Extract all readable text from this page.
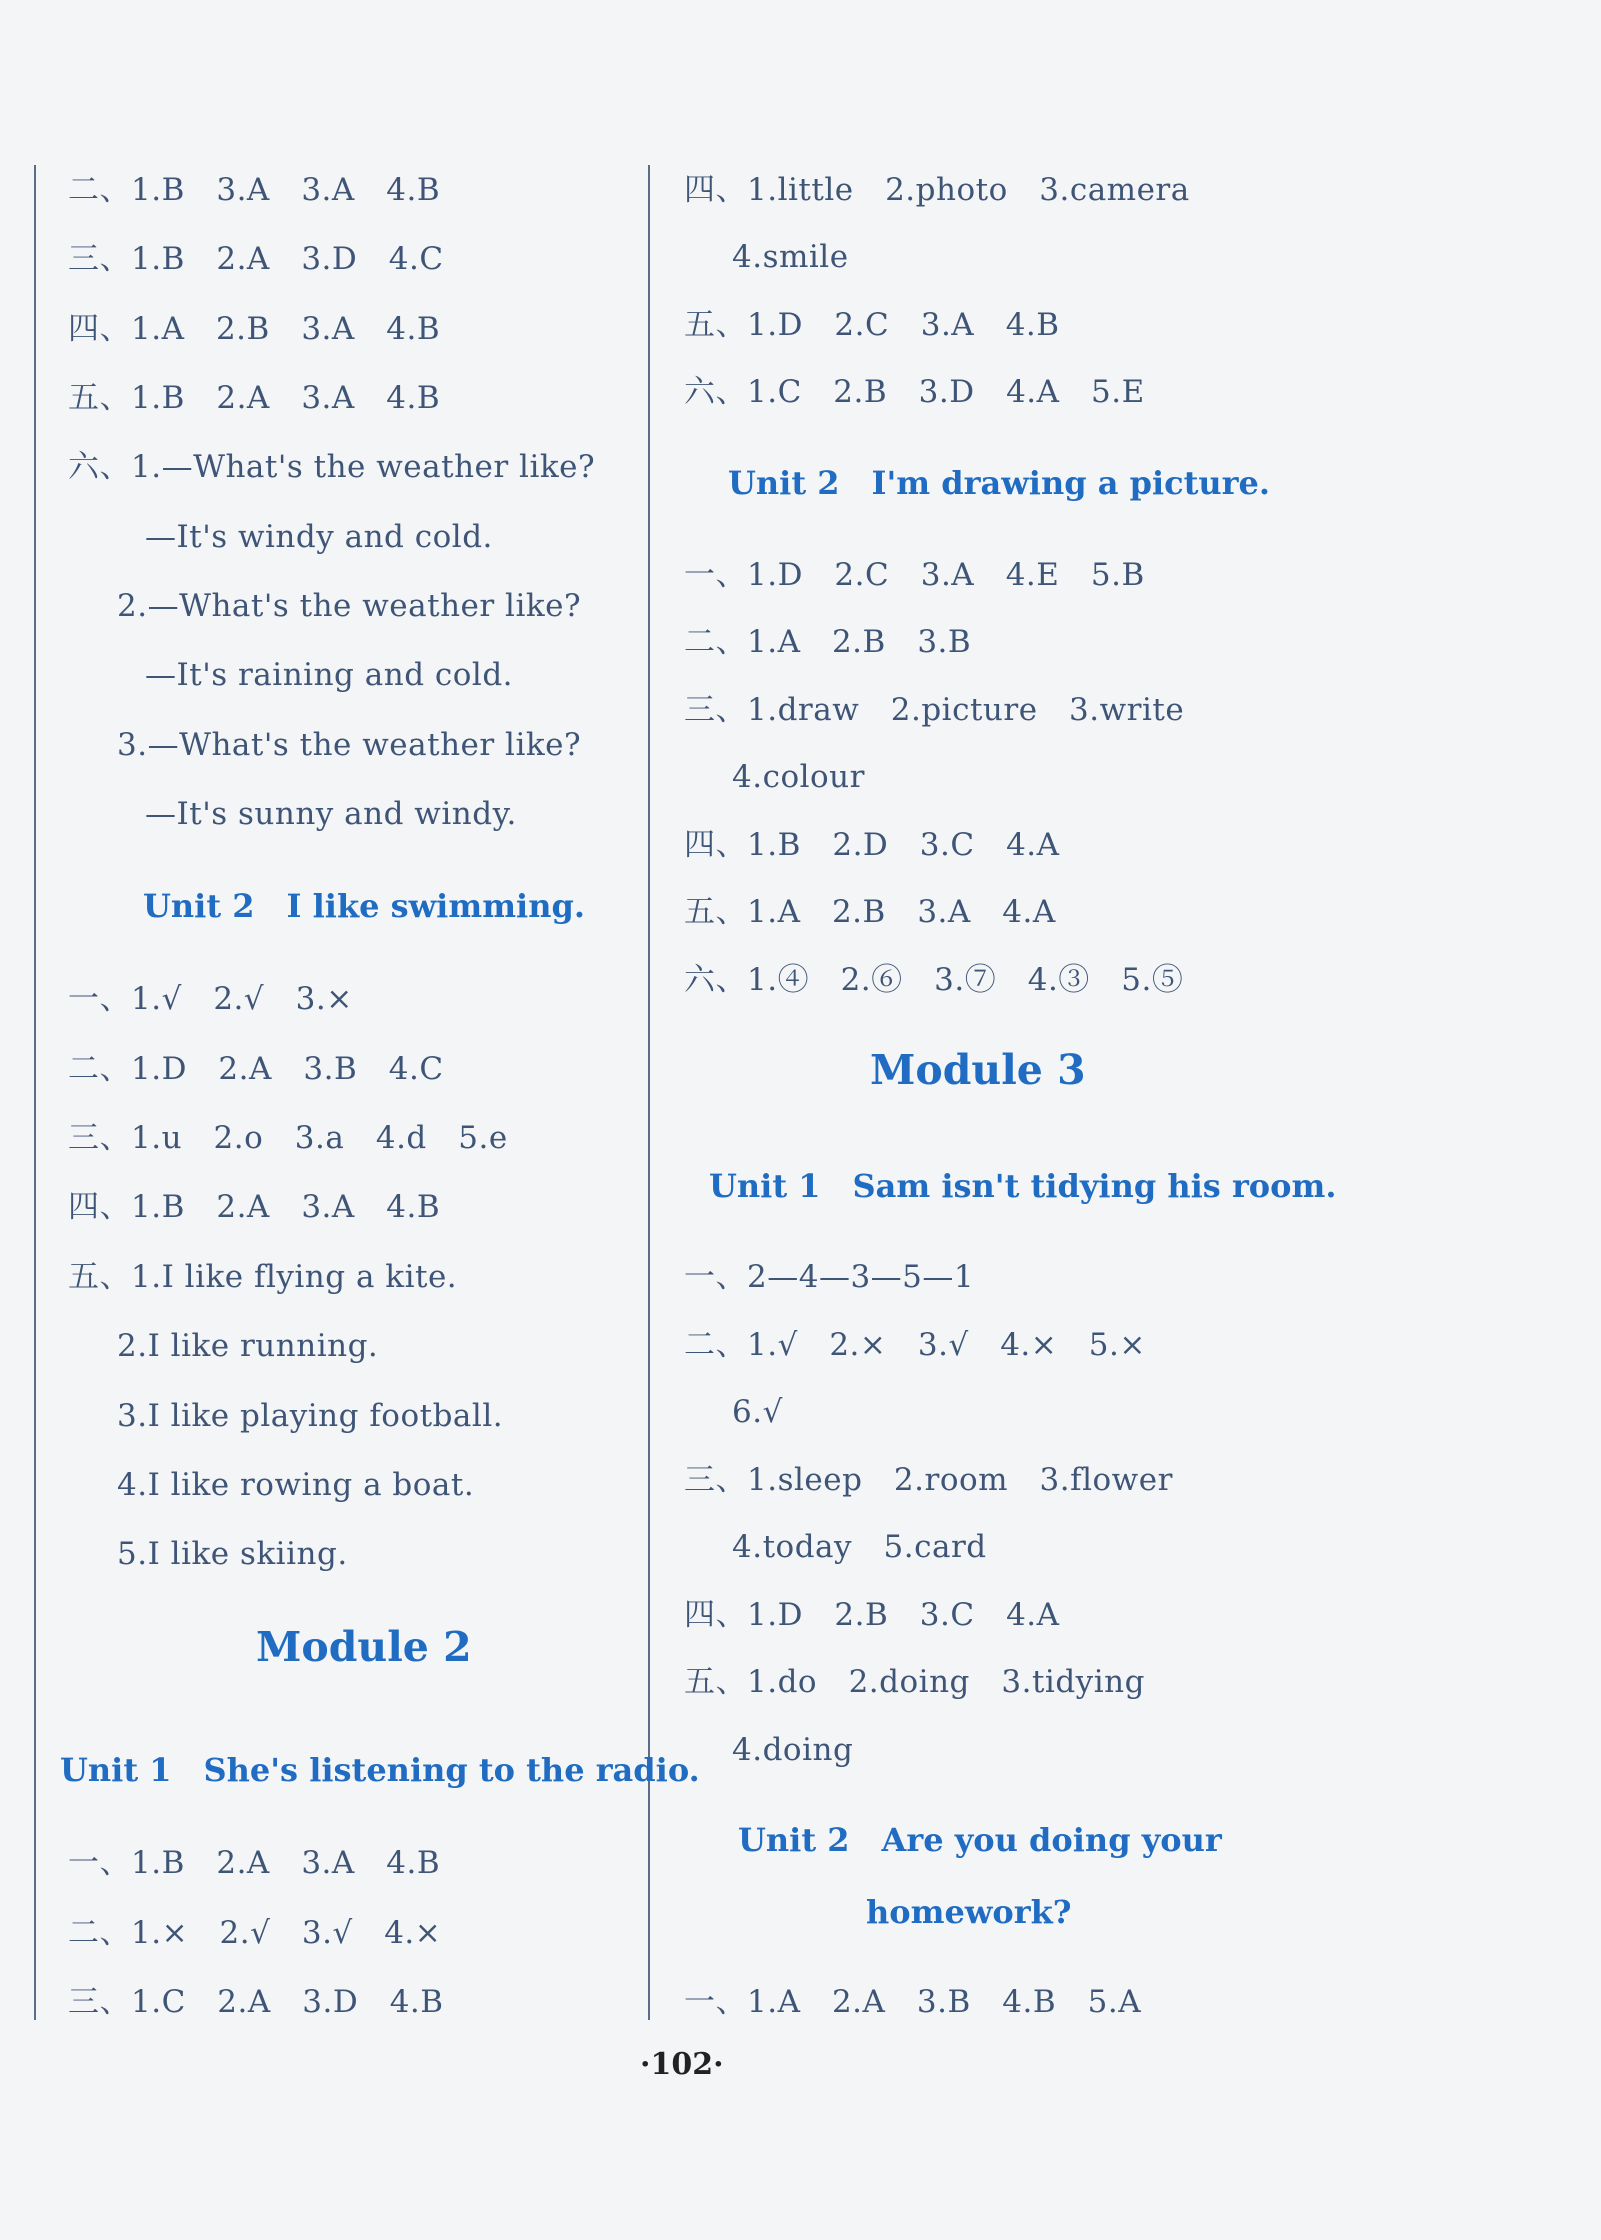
二、1.B　3.A　3.A　4.B
三、1.B　2.A　3.D　4.C
四、1.A　2.B　3.A　4.B
五、1.B　2.A　3.A　4.B
六、1.—What's the weather like?
—It's windy and cold.
2.—What's the weather like?
—It's raining and cold.
3.—What's the weather like?
—It's sunny and windy.
Unit 2　I like swimming.
一、1.√　2.√　3.×
二、1.D　2.A　3.B　4.C
三、1.u　2.o　3.a　4.d　5.e
四、1.B　2.A　3.A　4.B
五、1.I like flying a kite.
2.I like running.
3.I like playing football.
4.I like rowing a boat.
5.I like skiing.
Module 2
Unit 1　She's listening to the radio.
一、1.B　2.A　3.A　4.B
二、1.×　2.√　3.√　4.×
三、1.C　2.A　3.D　4.B
四、1.little　2.photo　3.camera
4.smile
五、1.D　2.C　3.A　4.B
六、1.C　2.B　3.D　4.A　5.E
Unit 2　I'm drawing a picture.
一、1.D　2.C　3.A　4.E　5.B
二、1.A　2.B　3.B
三、1.draw　2.picture　3.write
4.colour
四、1.B　2.D　3.C　4.A
五、1.A　2.B　3.A　4.A
六、1.④　2.⑥　3.⑦　4.③　5.⑤
Module 3
Unit 1　Sam isn't tidying his room.
一、2—4—3—5—1
二、1.√　2.×　3.√　4.×　5.×
6.√
三、1.sleep　2.room　3.flower
4.today　5.card
四、1.D　2.B　3.C　4.A
五、1.do　2.doing　3.tidying
4.doing
Unit 2　Are you doing your
homework?
一、1.A　2.A　3.B　4.B　5.A
·102·
